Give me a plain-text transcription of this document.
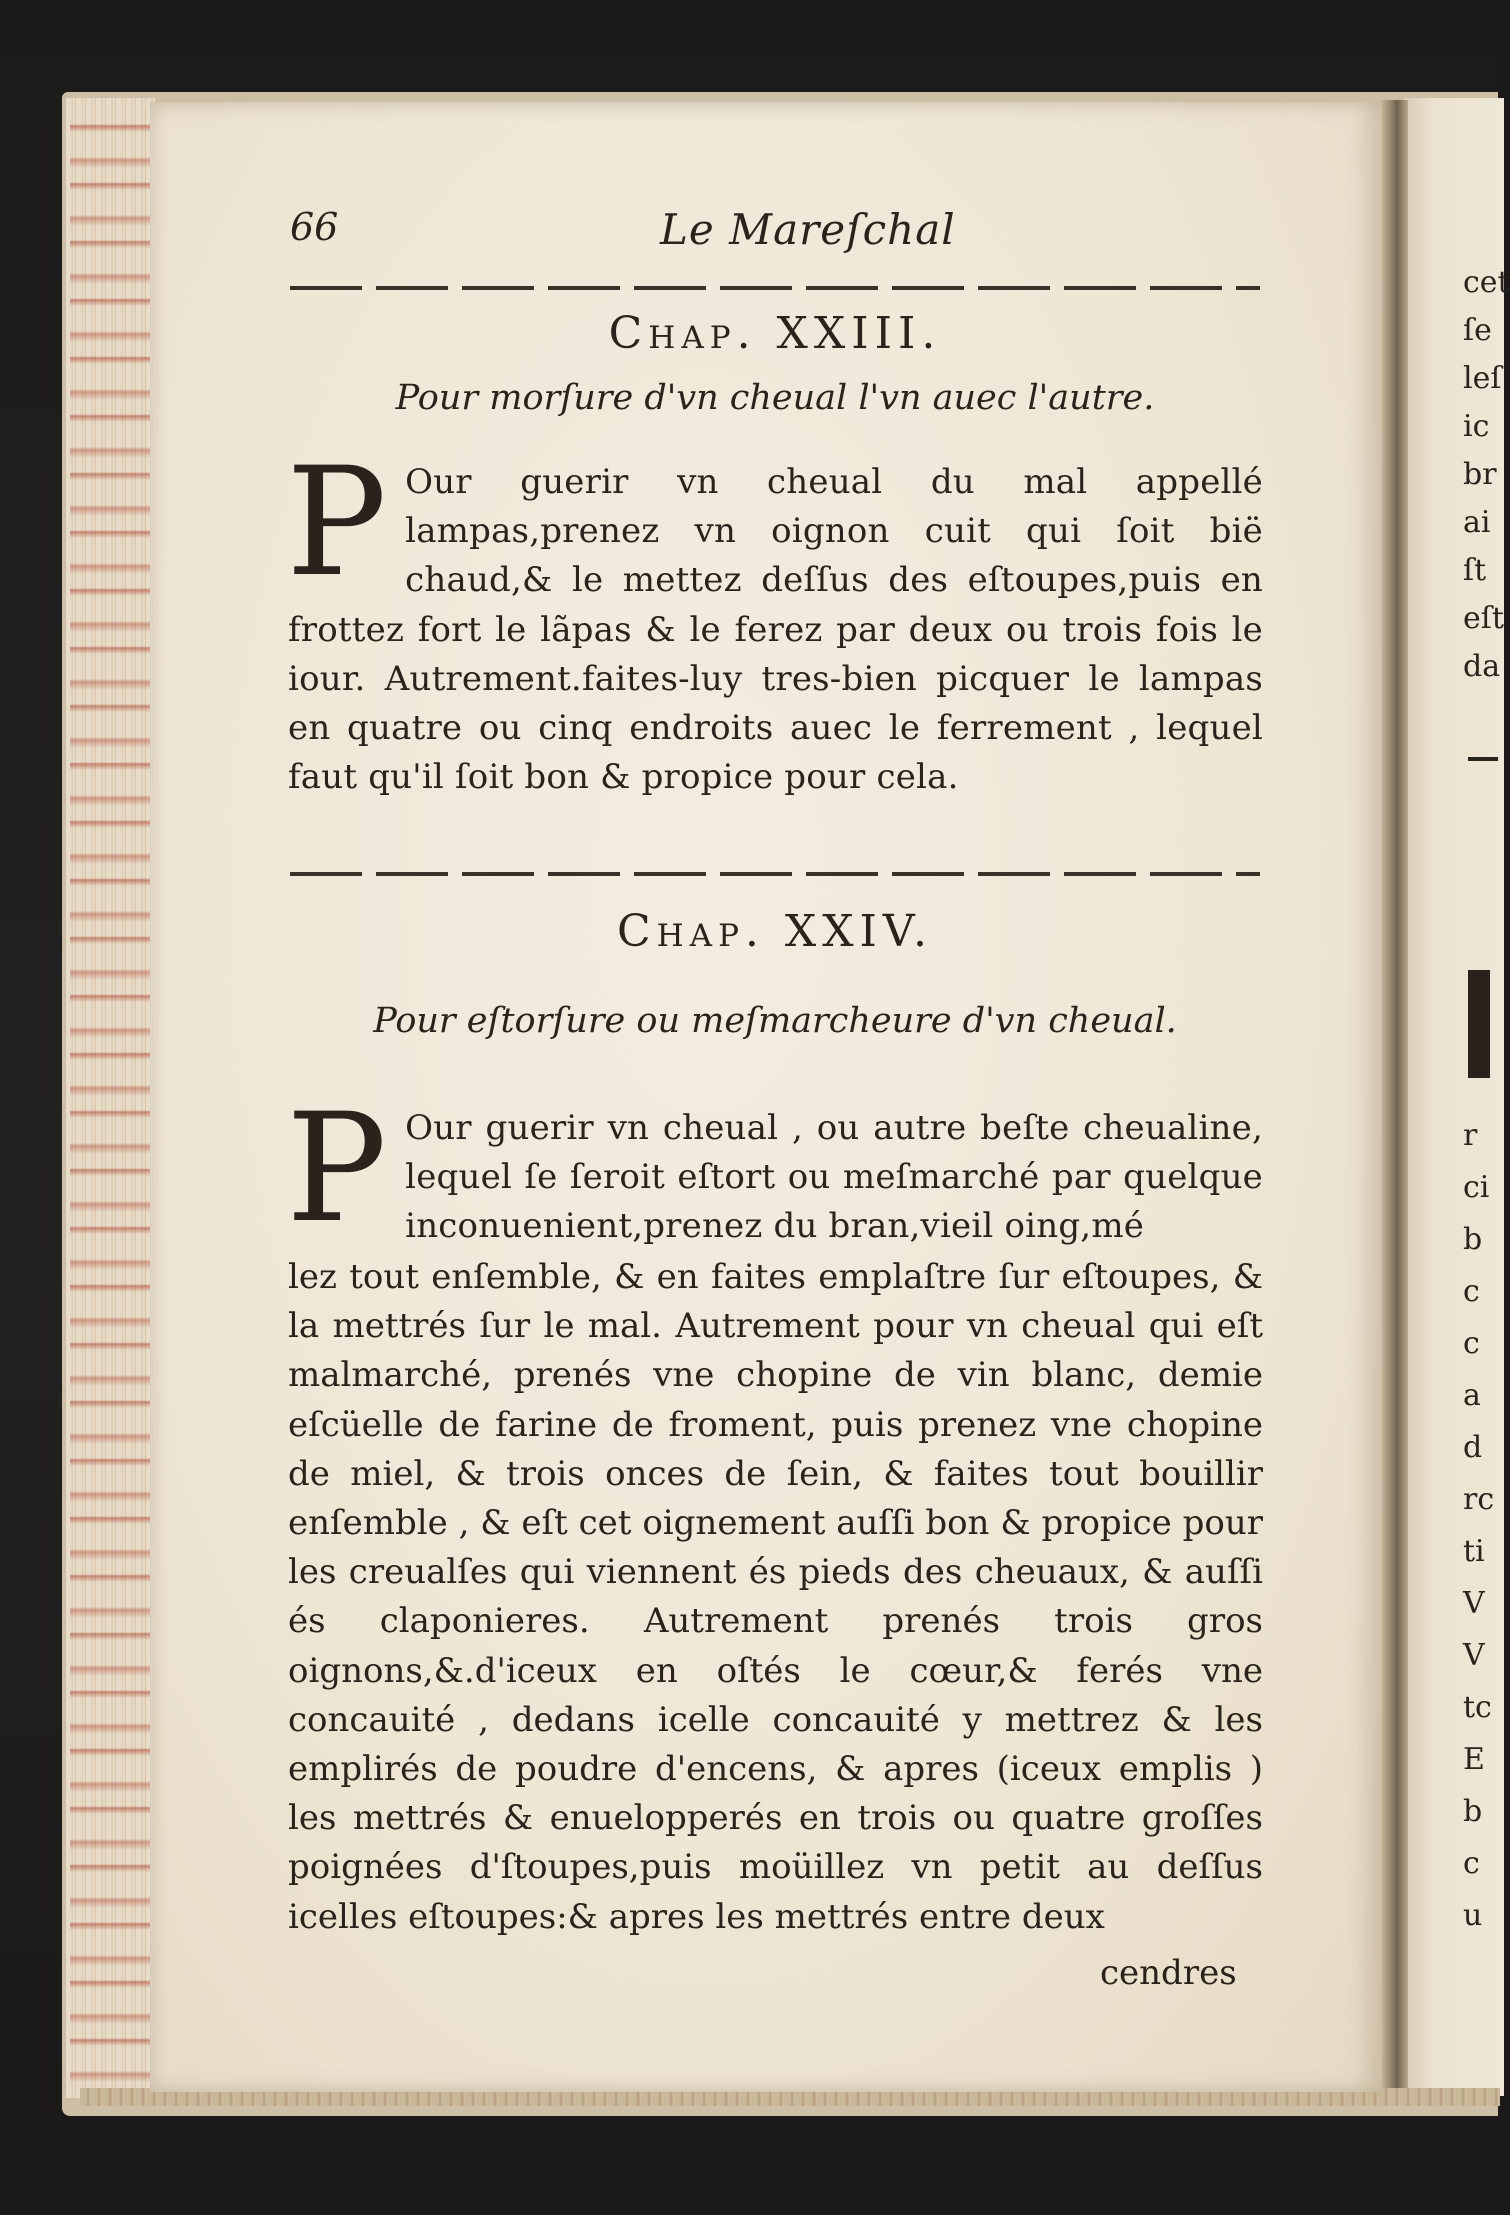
66	Le Mareſchal
Chap. XXIII.
Pour morſure d'vn cheual l'vn auec l'autre.
P Our guerir vn cheual du mal appellé lampas,prenez vn oignon cuit qui ſoit bië chaud,& le mettez deſſus des eſtoupes,puis en frottez fort le lãpas & le ferez par deux ou trois fois le iour. Autrement.faites-luy tres-bien picquer le lampas en quatre ou cinq endroits auec le ferrement , lequel faut qu'il ſoit bon & propice pour cela.
Chap. XXIV.
Pour eſtorſure ou meſmarcheure d'vn cheual.
P Our guerir vn cheual , ou autre beſte cheualine, lequel ſe ſeroit eſtort ou meſmarché par quelque inconuenient,prenez du bran,vieil oing,mé
lez tout enſemble, & en faites emplaſtre ſur eſtoupes, & la mettrés ſur le mal. Autrement pour vn cheual qui eſt malmarché, prenés vne chopine de vin blanc, demie eſcüelle de farine de froment, puis prenez vne chopine de miel, & trois onces de ſein, & faites tout bouillir enſemble , & eſt cet oignement auſſi bon & propice pour les creualſes qui viennent és pieds des cheuaux, & auſſi és claponieres. Autrement prenés trois gros oignons,&.d'iceux en oſtés le cœur,& ferés vne concauité , dedans icelle concauité y mettrez & les emplirés de poudre d'encens, & apres (iceux emplis ) les mettrés & enuelopperés en trois ou quatre groſſes poignées d'ſtoupes,puis moüillez vn petit au deſſus icelles eſtoupes:& apres les mettrés entre deux
cendres
cet
ſe
leſ
ic
br
ai
ſt
eſt
da
r
ci
b
c
c
a
d
rc
ti
V
V
tc
E
b
c
u
